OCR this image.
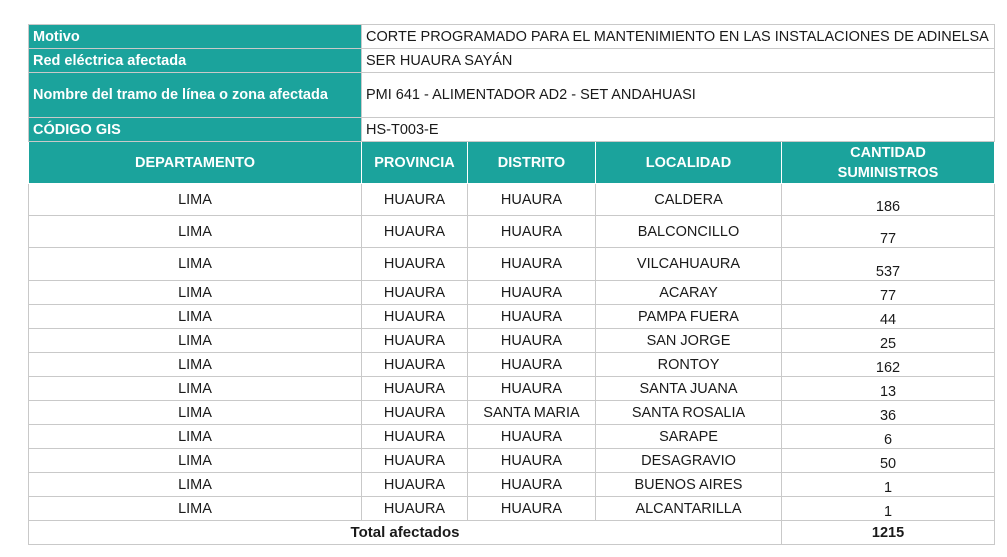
Motivo	CORTE PROGRAMADO PARA EL MANTENIMIENTO EN LAS INSTALACIONES DE ADINELSA			
Red eléctrica afectada	SER HUAURA SAYÁN			
Nombre del tramo de línea o zona afectada	PMI 641 - ALIMENTADOR AD2 - SET ANDAHUASI			
CÓDIGO GIS	HS-T003-E			
DEPARTAMENTO	PROVINCIA	DISTRITO	LOCALIDAD	CANTIDAD
SUMINISTROS

LIMA	HUAURA	HUAURA	CALDERA	186
LIMA	HUAURA	HUAURA	BALCONCILLO	77
LIMA	HUAURA	HUAURA	VILCAHUAURA	537
LIMA	HUAURA	HUAURA	ACARAY	77
LIMA	HUAURA	HUAURA	PAMPA FUERA	44
LIMA	HUAURA	HUAURA	SAN JORGE	25
LIMA	HUAURA	HUAURA	RONTOY	162
LIMA	HUAURA	HUAURA	SANTA JUANA	13
LIMA	HUAURA	SANTA MARIA	SANTA ROSALIA	36
LIMA	HUAURA	HUAURA	SARAPE	6
LIMA	HUAURA	HUAURA	DESAGRAVIO	50
LIMA	HUAURA	HUAURA	BUENOS AIRES	1
LIMA	HUAURA	HUAURA	ALCANTARILLA	1
Total afectados				1215
